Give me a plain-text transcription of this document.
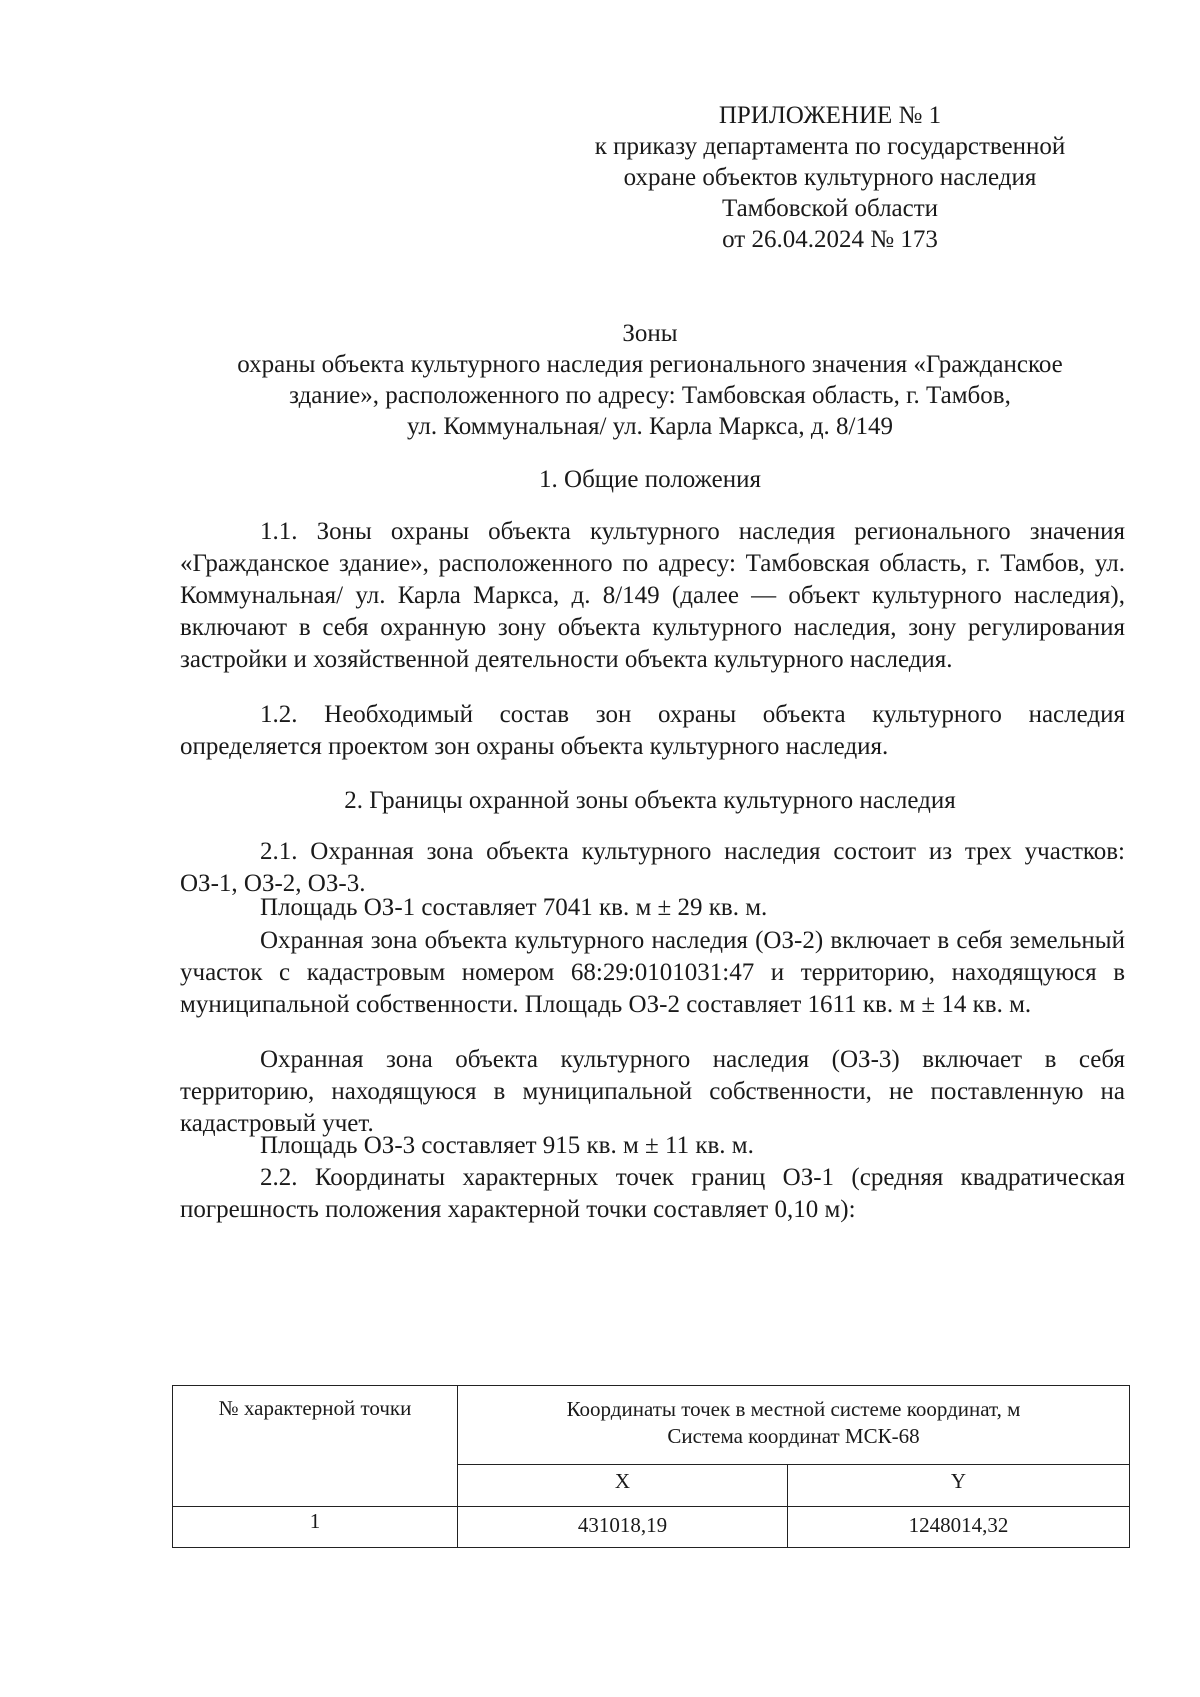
ПРИЛОЖЕНИЕ № 1
к приказу департамента по государственной
охране объектов культурного наследия
Тамбовской области
от 26.04.2024 № 173
Зоны
охраны объекта культурного наследия регионального значения «Гражданское
здание», расположенного по адресу: Тамбовская область, г. Тамбов,
ул. Коммунальная/ ул. Карла Маркса, д. 8/149
1. Общие положения
1.1. Зоны охраны объекта культурного наследия регионального значения «Гражданское здание», расположенного по адресу: Тамбовская область, г. Тамбов, ул. Коммунальная/ ул. Карла Маркса, д. 8/149 (далее — объект культурного наследия), включают в себя охранную зону объекта культурного наследия, зону регулирования застройки и хозяйственной деятельности объекта культурного наследия.
1.2. Необходимый состав зон охраны объекта культурного наследия определяется проектом зон охраны объекта культурного наследия.
2. Границы охранной зоны объекта культурного наследия
2.1. Охранная зона объекта культурного наследия состоит из трех участков: ОЗ-1, ОЗ-2, ОЗ-3.
Площадь ОЗ-1 составляет 7041 кв. м ± 29 кв. м.
Охранная зона объекта культурного наследия (ОЗ-2) включает в себя земельный участок с кадастровым номером 68:29:0101031:47 и территорию, находящуюся в муниципальной собственности. Площадь ОЗ-2 составляет 1611 кв. м ± 14 кв. м.
Охранная зона объекта культурного наследия (ОЗ-3) включает в себя территорию, находящуюся в муниципальной собственности, не поставленную на кадастровый учет.
Площадь ОЗ-3 составляет 915 кв. м ± 11 кв. м.
2.2. Координаты характерных точек границ ОЗ-1 (средняя квадратическая погрешность положения характерной точки составляет 0,10 м):
№ характерной точки	Координаты точек в местной системе координат, м
Система координат МСК-68	

	X	Y
1	431018,19	1248014,32
